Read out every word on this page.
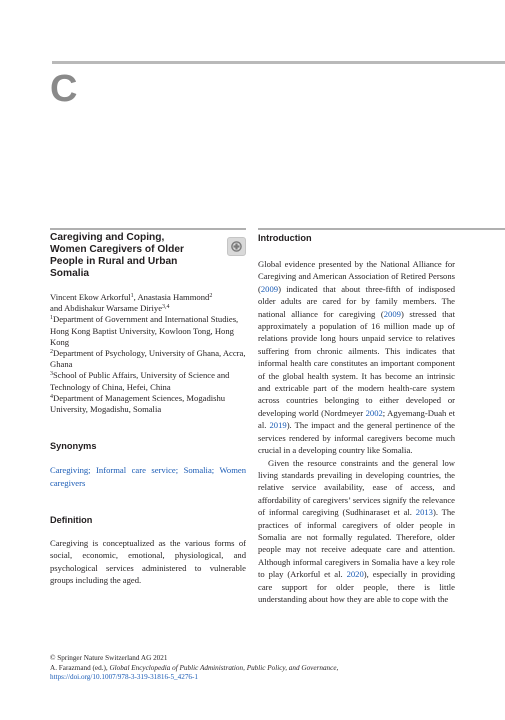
C
Caregiving and Coping,
Women Caregivers of Older
People in Rural and Urban
Somalia

Vincent Ekow Arkorful$^1$, Anastasia Hammond$^2$

and Abdishakur Warsame Diriye$^{3,4}$

$^1$Department of Government and International Studies, Hong Kong Baptist University, Kowloon Tong, Hong Kong

$^2$Department of Psychology, University of Ghana, Accra, Ghana

$^3$School of Public Affairs, University of Science and Technology of China, Hefei, China

$^4$Department of Management Sciences, Mogadishu University, Mogadishu, Somalia

Synonyms

Caregiving; Informal care service; Somalia; Women caregivers

Definition

Caregiving is conceptualized as the various forms of social, economic, emotional, physiological, and psychological services administered to vulnerable groups including the aged.

Introduction

Global evidence presented by the National Alliance for Caregiving and American Association of Retired Persons (2009) indicated that about three-fifth of indisposed older adults are cared for by family members. The national alliance for caregiving (2009) stressed that approximately a population of 16 million made up of relations provide long hours unpaid service to relatives suffering from chronic ailments. This indicates that informal health care constitutes an important component of the global health system. It has become an intrinsic and extricable part of the modern health-care system across countries belonging to either developed or developing world (Nordmeyer 2002; Agyemang-Duah et al. 2019). The impact and the general pertinence of the services rendered by informal caregivers become much crucial in a developing country like Somalia.

Given the resource constraints and the general low living standards prevailing in developing countries, the relative service availability, ease of access, and affordability of caregivers’ services signify the relevance of informal caregiving (Sudhinaraset et al. 2013). The practices of informal caregivers of older people in Somalia are not formally regulated. Therefore, older people may not receive adequate care and attention. Although informal caregivers in Somalia have a key role to play (Arkorful et al. 2020), especially in providing care support for older people, there is little understanding about how they are able to cope with the

© Springer Nature Switzerland AG 2021

A. Farazmand (ed.), Global Encyclopedia of Public Administration, Public Policy, and Governance,

https://doi.org/10.1007/978-3-319-31816-5_4276-1
